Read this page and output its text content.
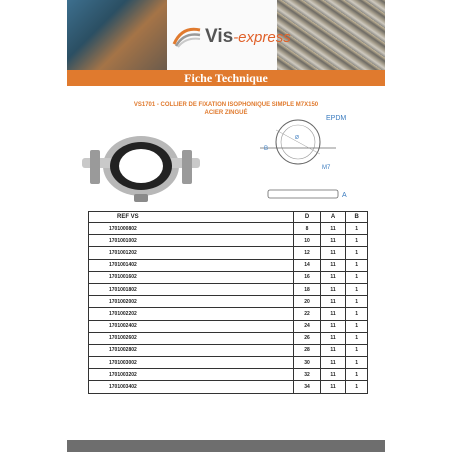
Vis-express
Fiche Technique
VS1701 - COLLIER DE FIXATION ISOPHONIQUE SIMPLE M7X150
ACIER ZINGUÉ
EPDM
B
M7
A
Ø
REF VS	D	A	B
1701000802	8	11	1
1701001002	10	11	1
1701001202	12	11	1
1701001402	14	11	1
1701001602	16	11	1
1701001802	18	11	1
1701002002	20	11	1
1701002202	22	11	1
1701002402	24	11	1
1701002602	26	11	1
1701002802	28	11	1
1701003002	30	11	1
1701003202	32	11	1
1701003402	34	11	1
